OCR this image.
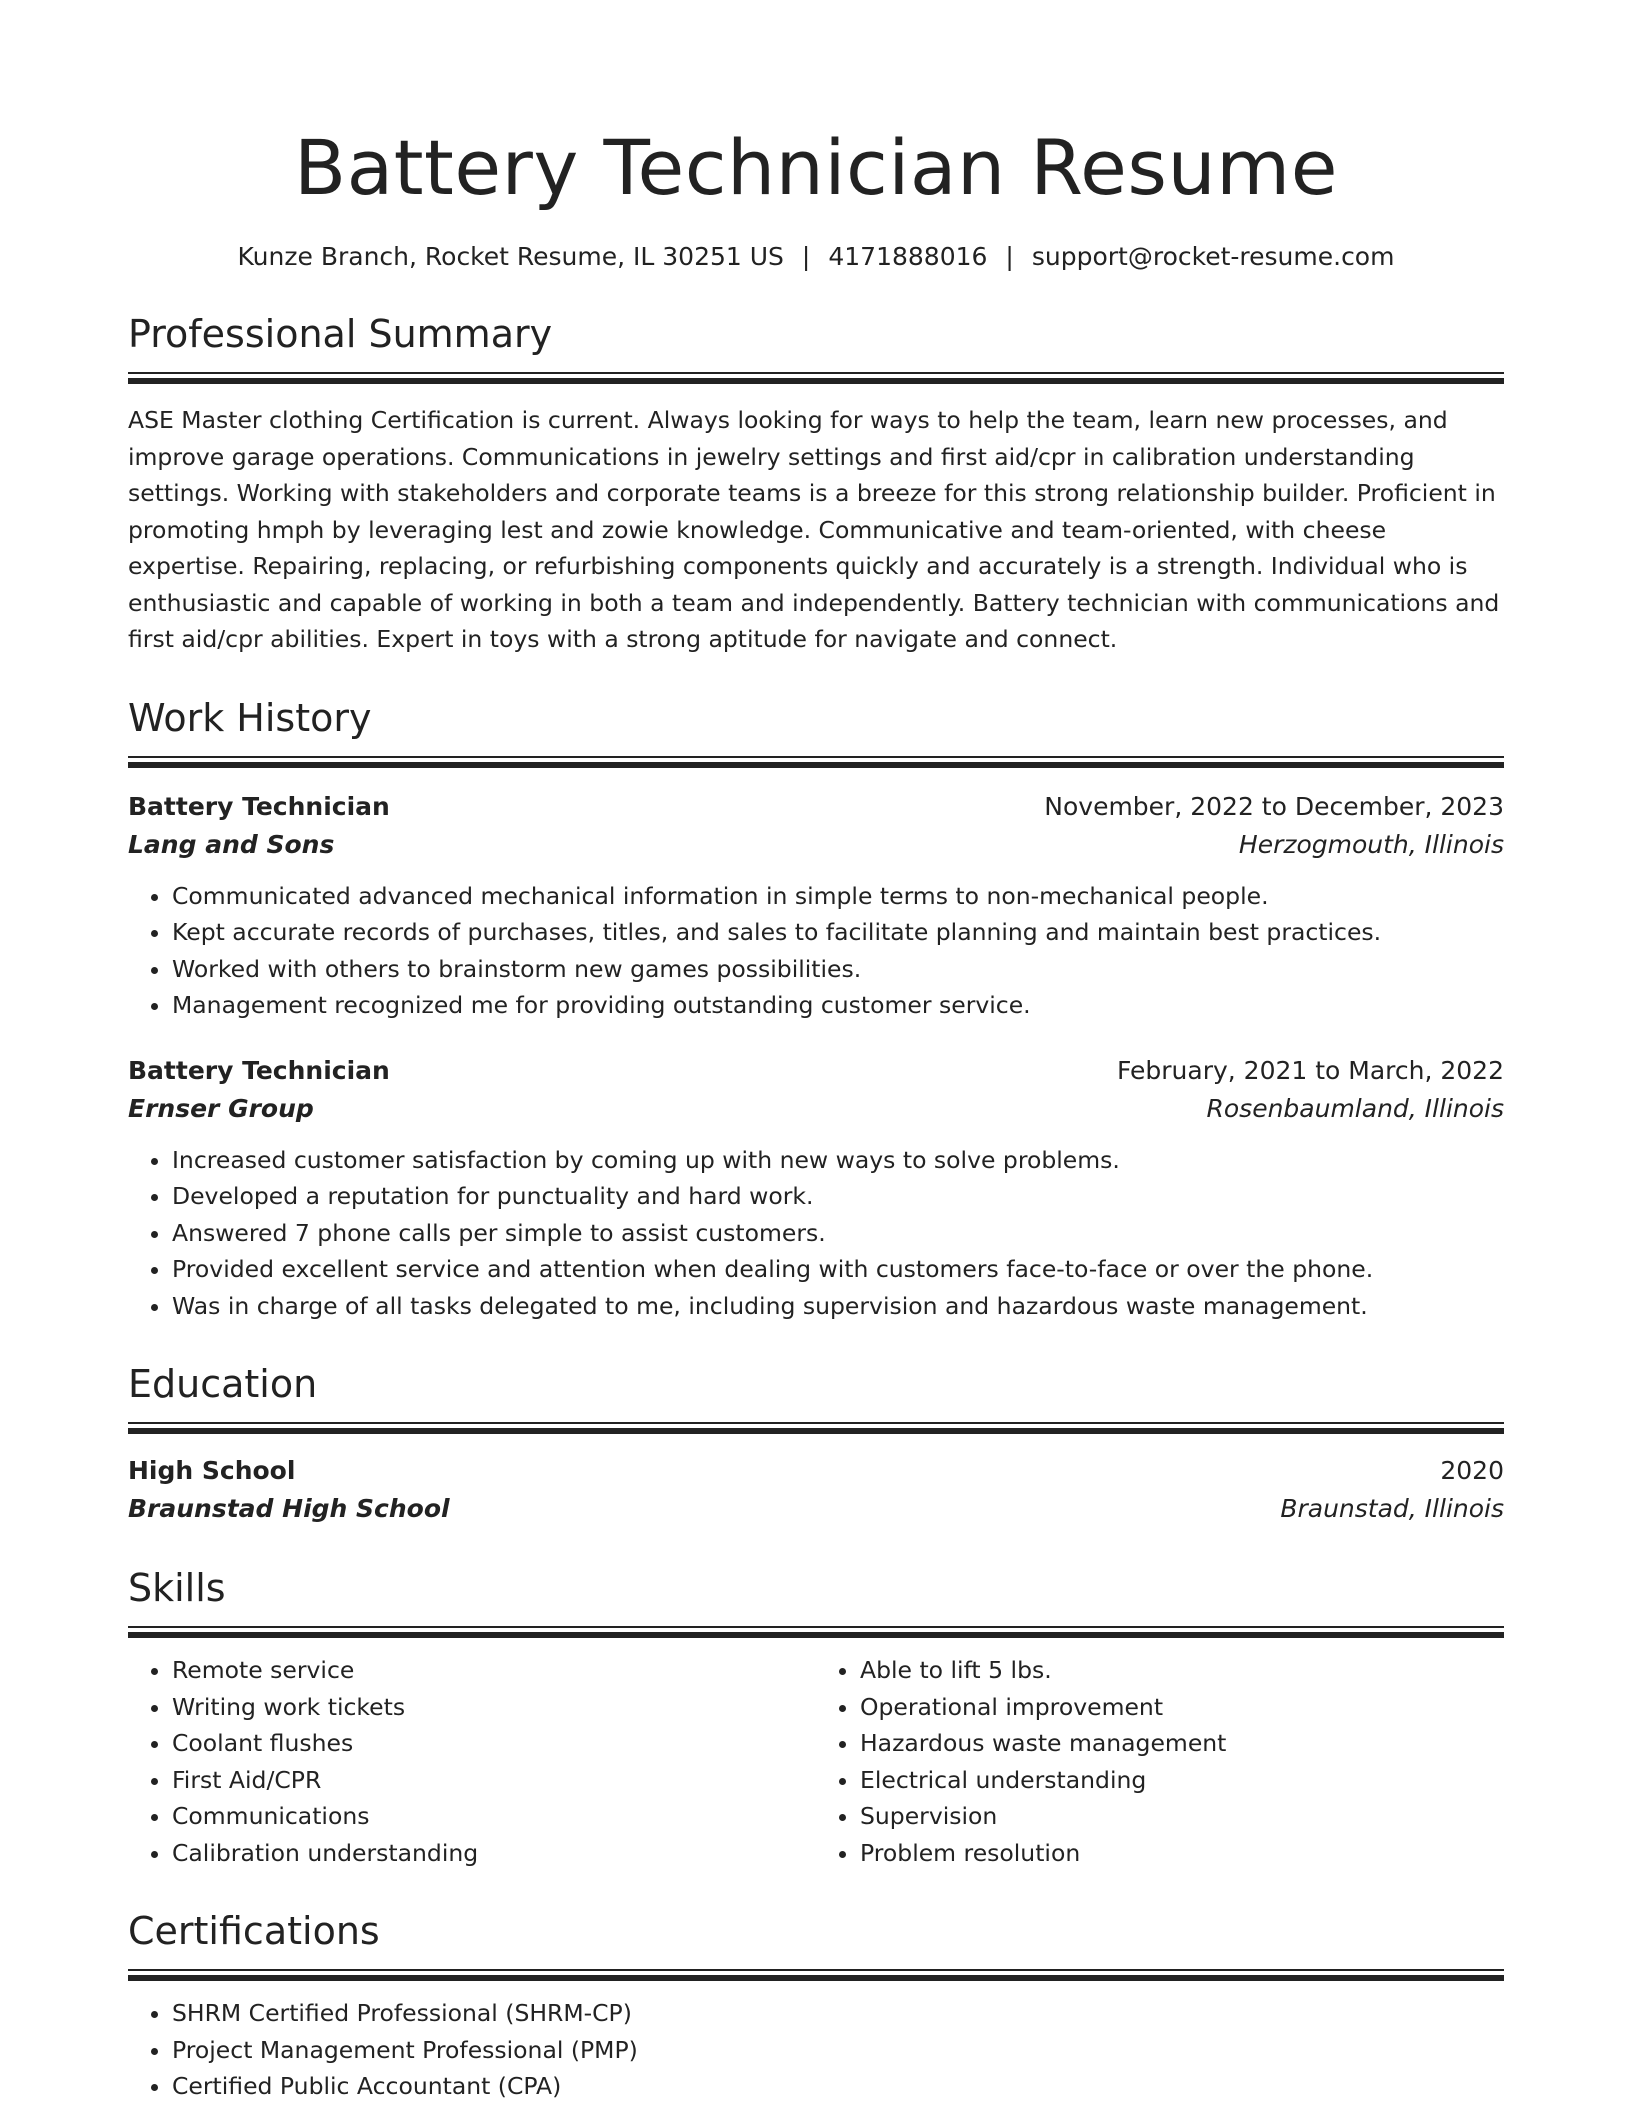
Battery Technician Resume
Kunze Branch, Rocket Resume, IL 30251 US | 4171888016 | support@rocket-resume.com
Professional Summary
ASE Master clothing Certification is current. Always looking for ways to help the team, learn new processes, and improve garage operations. Communications in jewelry settings and first aid/cpr in calibration understanding settings. Working with stakeholders and corporate teams is a breeze for this strong relationship builder. Proficient in promoting hmph by leveraging lest and zowie knowledge. Communicative and team-oriented, with cheese expertise. Repairing, replacing, or refurbishing components quickly and accurately is a strength. Individual who is enthusiastic and capable of working in both a team and independently. Battery technician with communications and first aid/cpr abilities. Expert in toys with a strong aptitude for navigate and connect.
Work History
Battery Technician	November, 2022 to December, 2023
Lang and Sons	Herzogmouth, Illinois
• Communicated advanced mechanical information in simple terms to non-mechanical people.
• Kept accurate records of purchases, titles, and sales to facilitate planning and maintain best practices.
• Worked with others to brainstorm new games possibilities.
• Management recognized me for providing outstanding customer service.
Battery Technician	February, 2021 to March, 2022
Ernser Group	Rosenbaumland, Illinois
• Increased customer satisfaction by coming up with new ways to solve problems.
• Developed a reputation for punctuality and hard work.
• Answered 7 phone calls per simple to assist customers.
• Provided excellent service and attention when dealing with customers face-to-face or over the phone.
• Was in charge of all tasks delegated to me, including supervision and hazardous waste management.
Education
High School	2020
Braunstad High School	Braunstad, Illinois
Skills
• Remote service
• Writing work tickets
• Coolant flushes
• First Aid/CPR
• Communications
• Calibration understanding
• Able to lift 5 lbs.
• Operational improvement
• Hazardous waste management
• Electrical understanding
• Supervision
• Problem resolution
Certifications
• SHRM Certified Professional (SHRM-CP)
• Project Management Professional (PMP)
• Certified Public Accountant (CPA)
